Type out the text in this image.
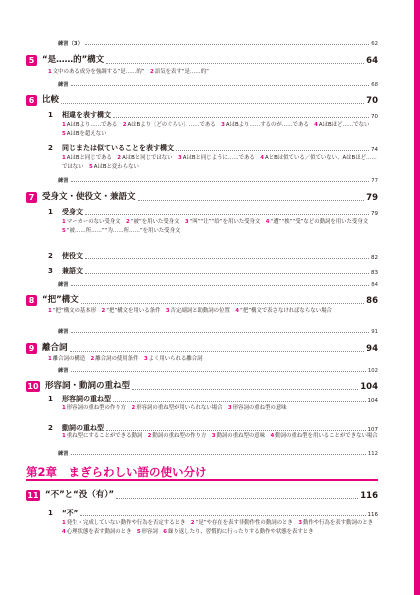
練習（3）	62
5 “是……的”構文	64
1文中のある成分を強調する“是……的”　 2語気を表す“是……的”
練習	68
6 比較	70
1 相違を表す構文	70
1AはBより……である　 2AはBより〔どのぐらい〕……である　 3AはBより……するのが……である　 4AはBほど……でない　5AはBを超えない
2 同じまたは似ていることを表す構文	74
1AはBと同じである　 2AはBと同じではない　 3AはBと同じように……である　 4AとBは似ている／似ていない、AはBほど……ではない　 5AはBと変わらない
練習	77
7 受身文・使役文・兼語文	79
1 受身文	79
1マーカーのない受身文　 2“被”を用いた受身文　 3“叫”“让”“给”を用いた受身文　 4“遭”“挨”“受”などの動詞を用いた受身文　5“被……所……”“为……所……”を用いた受身文
2 使役文	82
3 兼語文	83
練習	84
8 “把”構文	86
1“把”構文の基本形　 2“把”構文を用いる条件　 3否定副詞と助動詞の位置　 4“把”構文で表さなければならない場合
練習	91
9 離合詞	94
1離合詞の構造　 2離合詞の使用条件　 3よく用いられる離合詞
練習	102
10 形容詞・動詞の重ね型	104
1 形容詞の重ね型	104
1形容詞の重ね型の作り方　 2形容詞の重ね型が用いられない場合　 3形容詞の重ね型の意味
2 動詞の重ね型	107
1重ね型にすることができる動詞　 2動詞の重ね型の作り方　 3動詞の重ね型の意味　 4動詞の重ね型を用いることができない場合
練習	112
第2章　 まぎらわしい語の使い分け
11 “不”と“没（有）”	116
1 “不”	116
1発生・完成していない動作や行為を否定するとき　 2“是”や存在を表す非動作性の動詞のとき　 3動作や行為を表す動詞のとき　4心理状態を表す動詞のとき　 5形容詞　 6繰り返したり、習慣的に行ったりする動作や状態を表すとき
